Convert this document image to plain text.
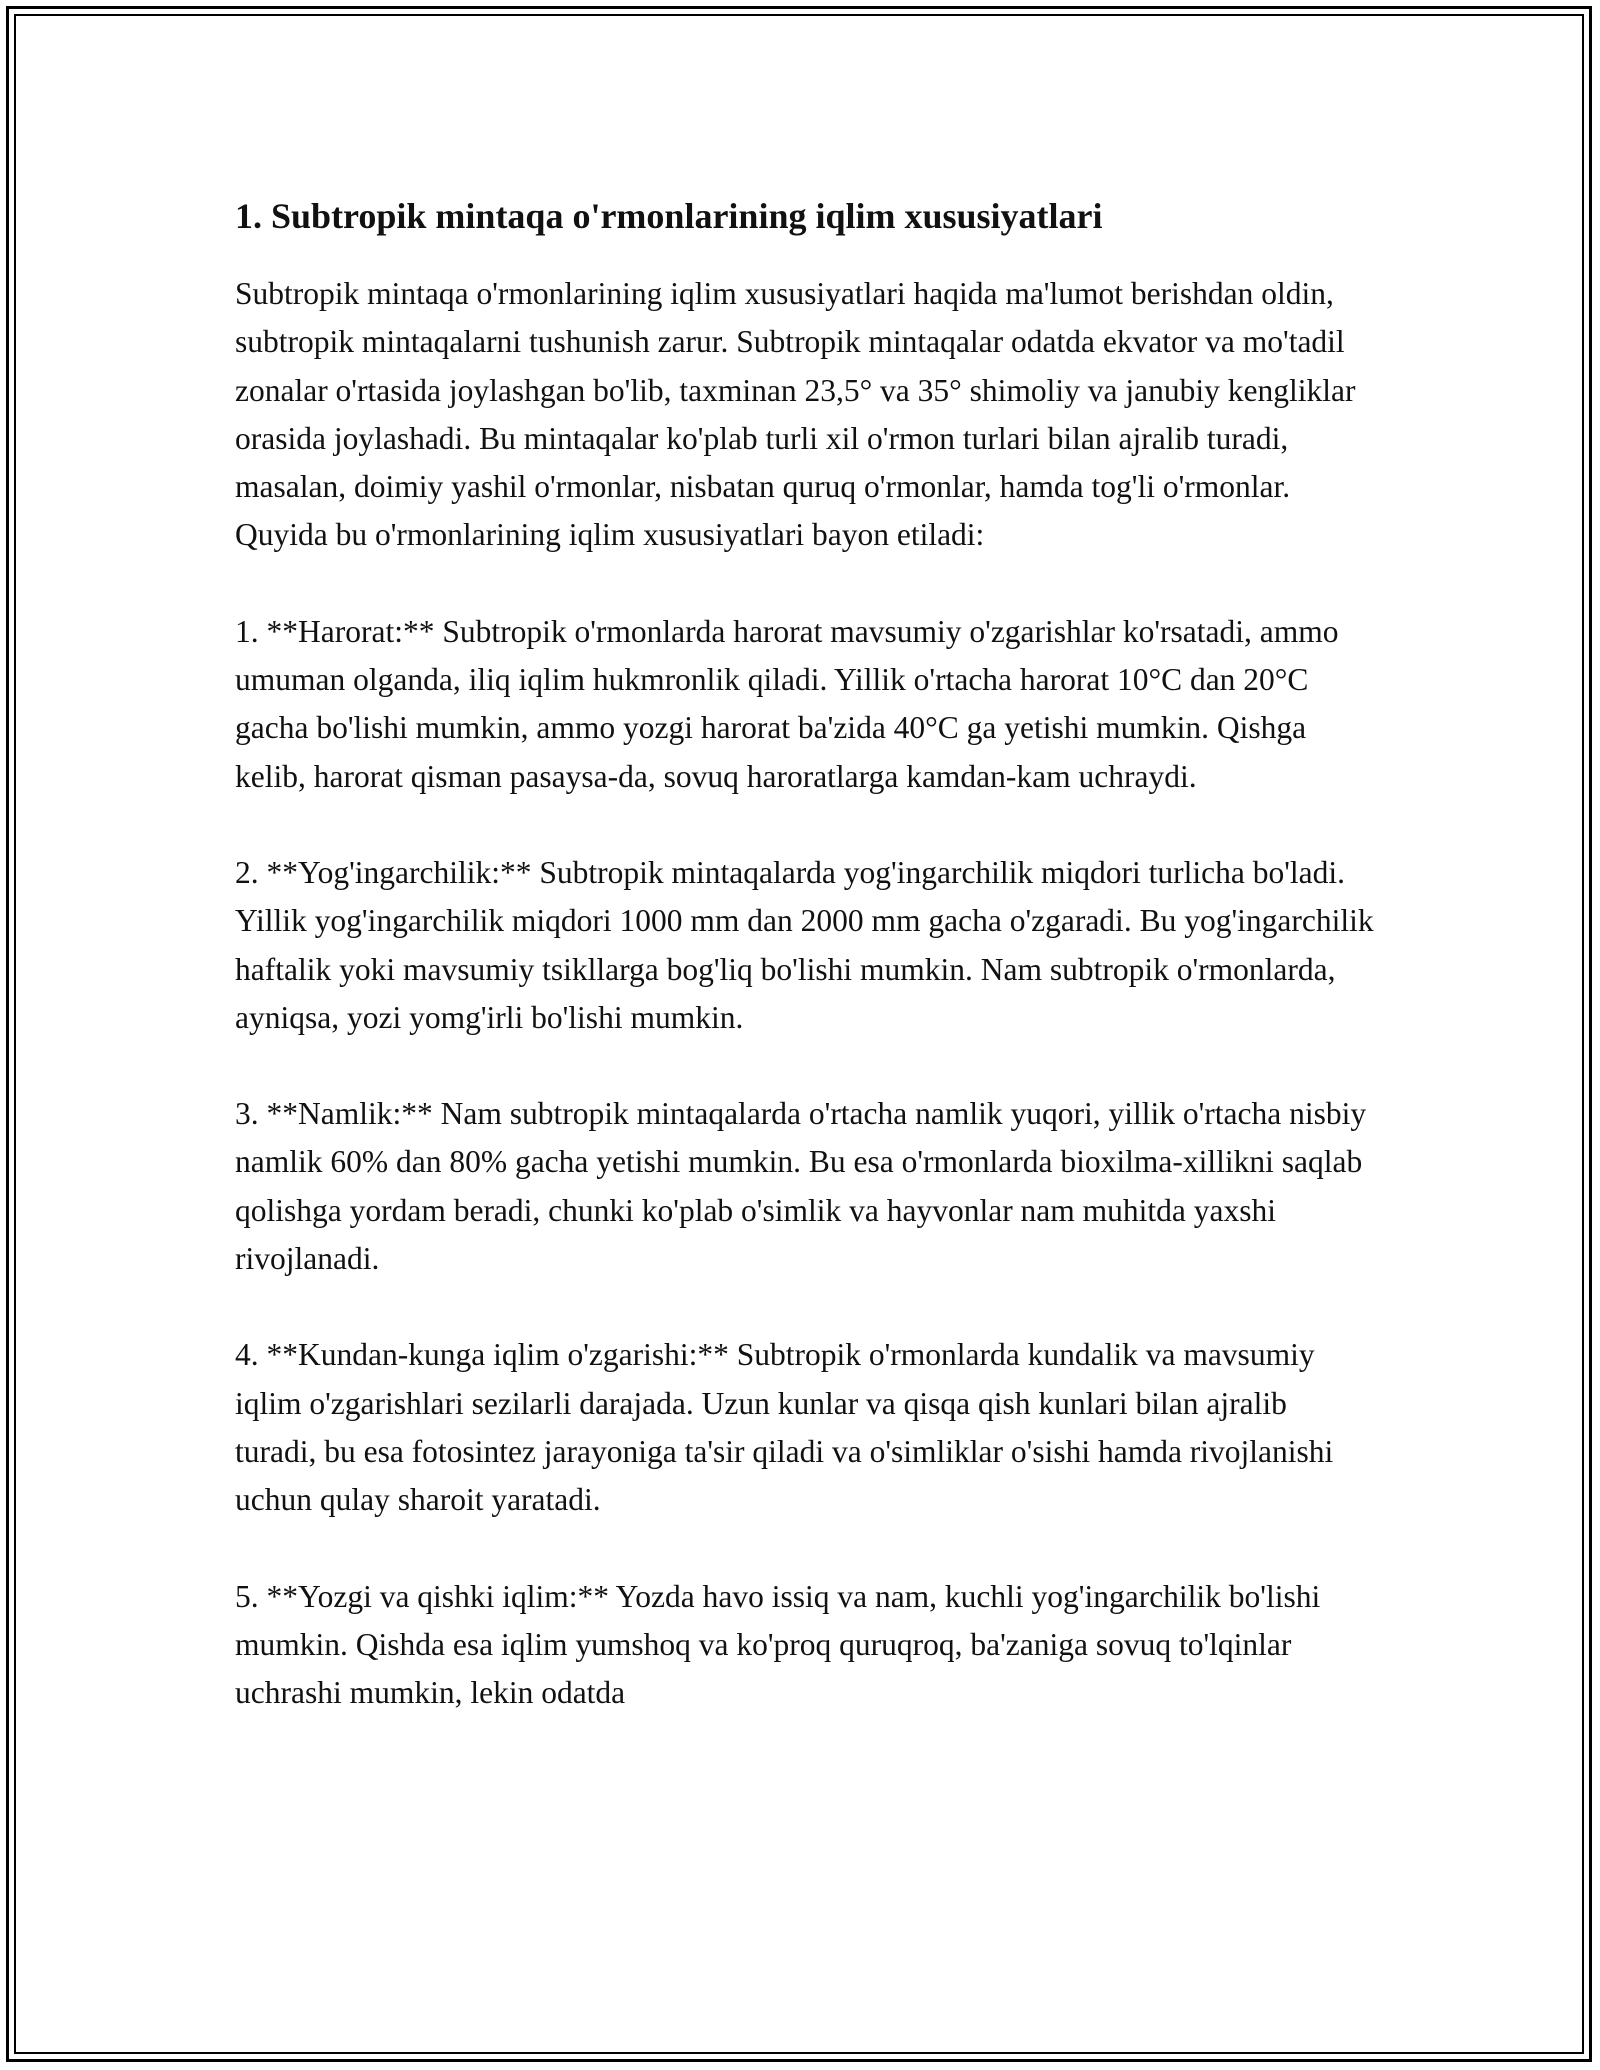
1. Subtropik mintaqa o'rmonlarining iqlim xususiyatlari

Subtropik mintaqa o'rmonlarining iqlim xususiyatlari haqida ma'lumot berishdan oldin, subtropik mintaqalarni tushunish zarur. Subtropik mintaqalar odatda ekvator va mo'tadil zonalar o'rtasida joylashgan bo'lib, taxminan 23,5° va 35° shimoliy va janubiy kengliklar orasida joylashadi. Bu mintaqalar ko'plab turli xil o'rmon turlari bilan ajralib turadi, masalan, doimiy yashil o'rmonlar, nisbatan quruq o'rmonlar, hamda tog'li o'rmonlar. Quyida bu o'rmonlarining iqlim xususiyatlari bayon etiladi:

1. **Harorat:** Subtropik o'rmonlarda harorat mavsumiy o'zgarishlar ko'rsatadi, ammo umuman olganda, iliq iqlim hukmronlik qiladi. Yillik o'rtacha harorat 10°C dan 20°C gacha bo'lishi mumkin, ammo yozgi harorat ba'zida 40°C ga yetishi mumkin. Qishga kelib, harorat qisman pasaysa-da, sovuq haroratlarga kamdan-kam uchraydi.

2. **Yog'ingarchilik:** Subtropik mintaqalarda yog'ingarchilik miqdori turlicha bo'ladi. Yillik yog'ingarchilik miqdori 1000 mm dan 2000 mm gacha o'zgaradi. Bu yog'ingarchilik haftalik yoki mavsumiy tsikllarga bog'liq bo'lishi mumkin. Nam subtropik o'rmonlarda, ayniqsa, yozi yomg'irli bo'lishi mumkin.

3. **Namlik:** Nam subtropik mintaqalarda o'rtacha namlik yuqori, yillik o'rtacha nisbiy namlik 60% dan 80% gacha yetishi mumkin. Bu esa o'rmonlarda bioxilma-xillikni saqlab qolishga yordam beradi, chunki ko'plab o'simlik va hayvonlar nam muhitda yaxshi rivojlanadi.

4. **Kundan-kunga iqlim o'zgarishi:** Subtropik o'rmonlarda kundalik va mavsumiy iqlim o'zgarishlari sezilarli darajada. Uzun kunlar va qisqa qish kunlari bilan ajralib turadi, bu esa fotosintez jarayoniga ta'sir qiladi va o'simliklar o'sishi hamda rivojlanishi uchun qulay sharoit yaratadi.

5. **Yozgi va qishki iqlim:** Yozda havo issiq va nam, kuchli yog'ingarchilik bo'lishi mumkin. Qishda esa iqlim yumshoq va ko'proq quruqroq, ba'zaniga sovuq to'lqinlar uchrashi mumkin, lekin odatda
